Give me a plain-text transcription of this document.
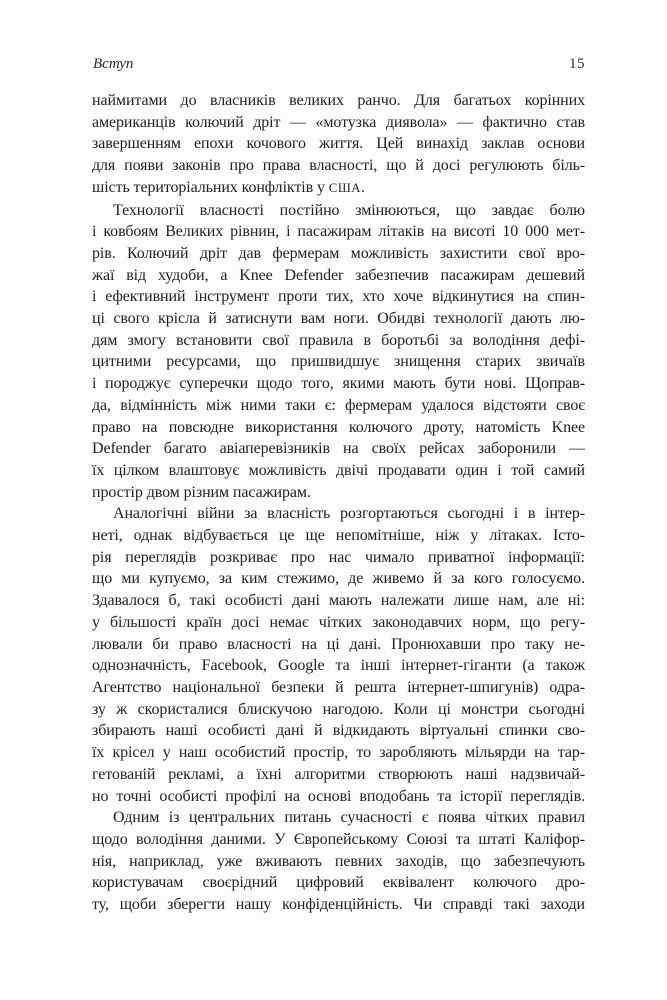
Вступ	15
наймитами до власників великих ранчо. Для багатьох корінних
американців колючий дріт — «мотузка диявола» — фактично став
завершенням епохи кочового життя. Цей винахід заклав основи
для появи законів про права власності, що й досі регулюють біль-
шість територіальних конфліктів у США.
Технології власності постійно змінюються, що завдає болю
і ковбоям Великих рівнин, і пасажирам літаків на висоті 10 000 мет-
рів. Колючий дріт дав фермерам можливість захистити свої вро-
жаї від худоби, а Knee Defender забезпечив пасажирам дешевий
і ефективний інструмент проти тих, хто хоче відкинутися на спин-
ці свого крісла й затиснути вам ноги. Обидві технології дають лю-
дям змогу встановити свої правила в боротьбі за володіння дефі-
цитними ресурсами, що пришвидшує знищення старих звичаїв
і породжує суперечки щодо того, якими мають бути нові. Щоправ-
да, відмінність між ними таки є: фермерам удалося відстояти своє
право на повсюдне використання колючого дроту, натомість Knee
Defender багато авіаперевізників на своїх рейсах заборонили —
їх цілком влаштовує можливість двічі продавати один і той самий
простір двом різним пасажирам.
Аналогічні війни за власність розгортаються сьогодні і в інтер-
неті, однак відбувається це ще непомітніше, ніж у літаках. Істо-
рія переглядів розкриває про нас чимало приватної інформації:
що ми купуємо, за ким стежимо, де живемо й за кого голосуємо.
Здавалося б, такі особисті дані мають належати лише нам, але ні:
у більшості країн досі немає чітких законодавчих норм, що регу-
лювали би право власності на ці дані. Пронюхавши про таку не-
однозначність, Facebook, Google та інші інтернет-гіганти (а також
Агентство національної безпеки й решта інтернет-шпигунів) одра-
зу ж скористалися блискучою нагодою. Коли ці монстри сьогодні
збирають наші особисті дані й відкидають віртуальні спинки сво-
їх крісел у наш особистий простір, то заробляють мільярди на тар-
гетованій рекламі, а їхні алгоритми створюють наші надзвичай-
но точні особисті профілі на основі вподобань та історії переглядів.
Одним із центральних питань сучасності є поява чітких правил
щодо володіння даними. У Європейському Союзі та штаті Каліфор-
нія, наприклад, уже вживають певних заходів, що забезпечують
користувачам своєрідний цифровий еквівалент колючого дро-
ту, щоби зберегти нашу конфіденційність. Чи справді такі заходи
